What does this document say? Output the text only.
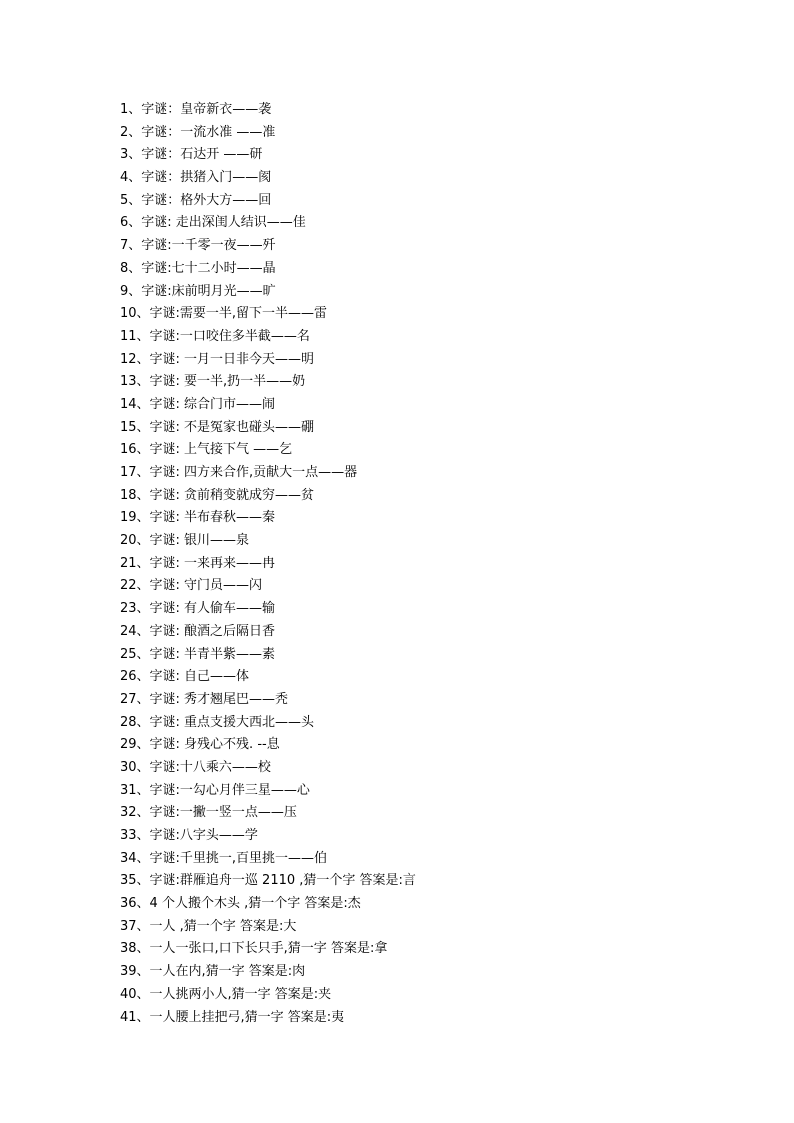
1、字谜：皇帝新衣——袭
2、字谜：一流水准 ——准
3、字谜：石达开 ——研
4、字谜：拱猪入门——阂
5、字谜：格外大方——回
6、字谜: 走出深闺人结识——佳
7、字谜:一千零一夜——歼
8、字谜:七十二小时——晶
9、字谜:床前明月光——旷
10、字谜:需要一半,留下一半——雷
11、字谜:一口咬住多半截——名
12、字谜: 一月一日非今天——明
13、字谜: 要一半,扔一半——奶
14、字谜: 综合门市——闹
15、字谜: 不是冤家也碰头——硼
16、字谜: 上气接下气 ——乞
17、字谜: 四方来合作,贡献大一点——器
18、字谜: 贪前稍变就成穷——贫
19、字谜: 半布春秋——秦
20、字谜: 银川——泉
21、字谜: 一来再来——冉
22、字谜: 守门员——闪
23、字谜: 有人偷车——输
24、字谜: 酿酒之后隔日香
25、字谜: 半青半紫——素
26、字谜: 自己——体
27、字谜: 秀才翘尾巴——秃
28、字谜: 重点支援大西北——头
29、字谜: 身残心不残. --息
30、字谜:十八乘六——校
31、字谜:一勾心月伴三星——心
32、字谜:一撇一竖一点——压
33、字谜:八字头——学
34、字谜:千里挑一,百里挑一——伯
35、字谜:群雁追舟一巡 2110 ,猜一个字 答案是:言
36、4 个人搬个木头 ,猜一个字 答案是:杰
37、一人 ,猜一个字 答案是:大
38、一人一张口,口下长只手,猜一字 答案是:拿
39、一人在内,猜一字 答案是:肉
40、一人挑两小人,猜一字 答案是:夹
41、一人腰上挂把弓,猜一字 答案是:夷
